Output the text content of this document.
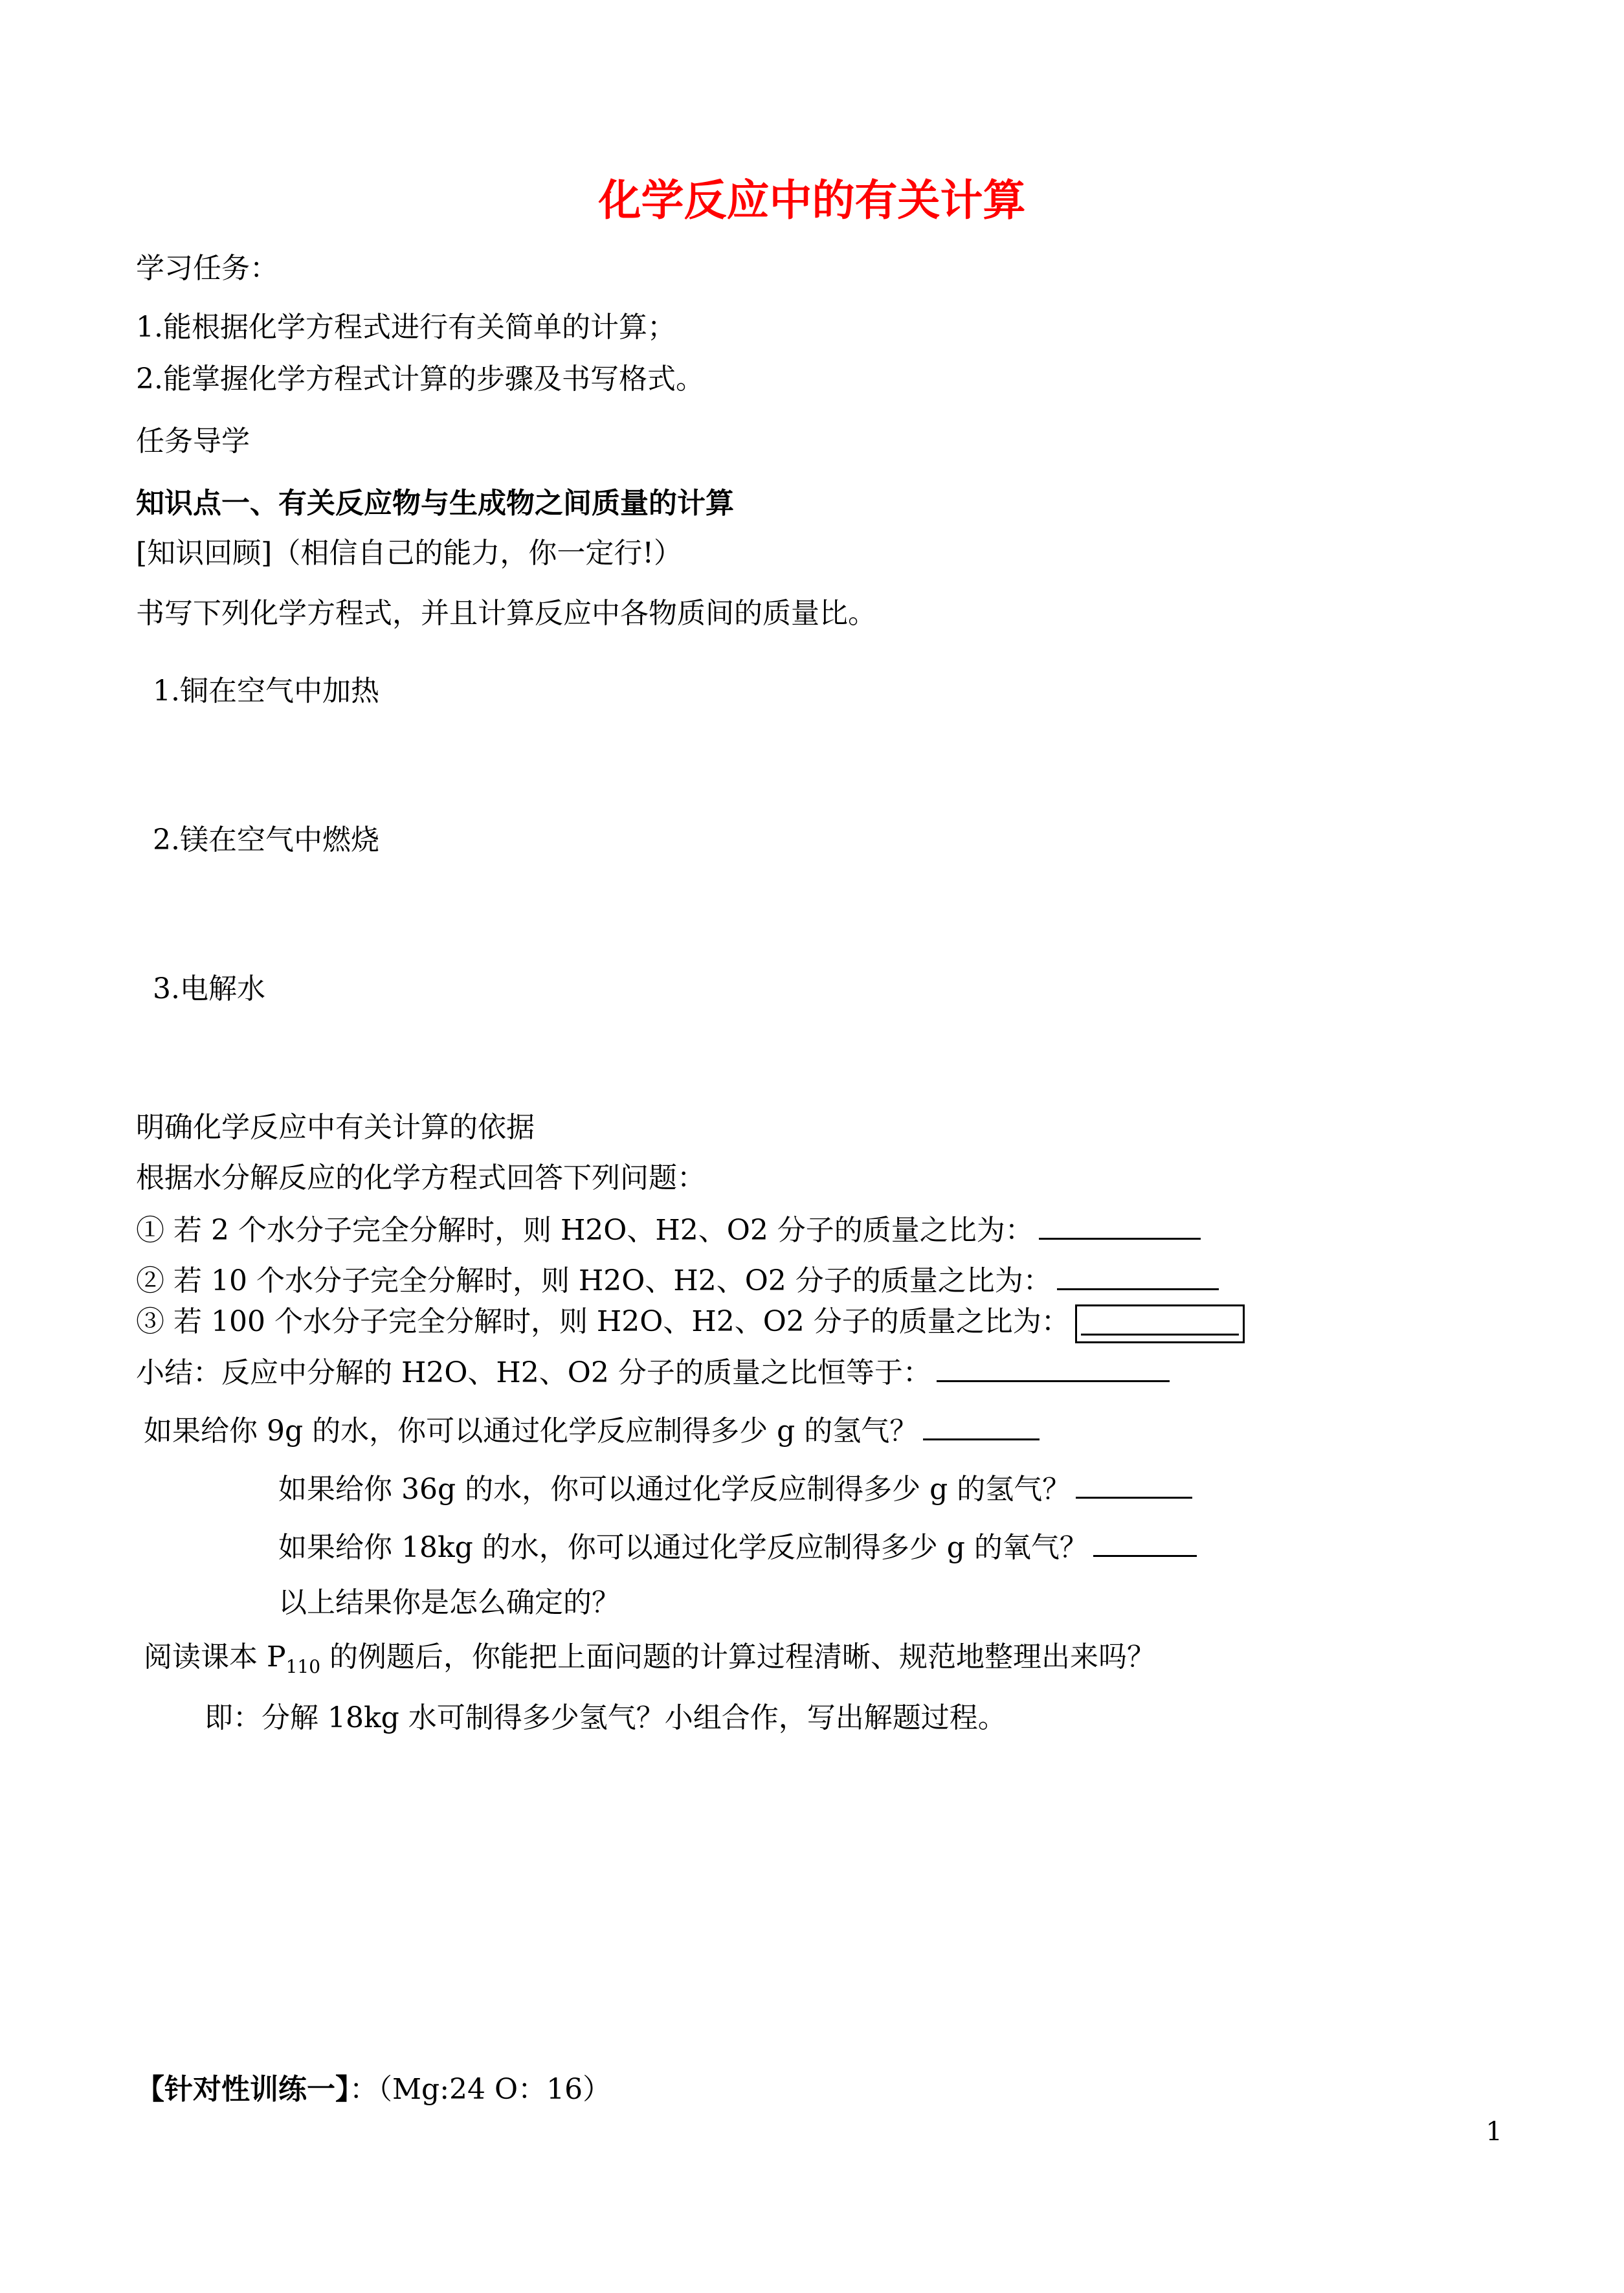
化学反应中的有关计算
学习任务：
1.能根据化学方程式进行有关简单的计算；
2.能掌握化学方程式计算的步骤及书写格式。
任务导学
知识点一、有关反应物与生成物之间质量的计算
[知识回顾]（相信自己的能力，你一定行!）
书写下列化学方程式，并且计算反应中各物质间的质量比。
1.铜在空气中加热
2.镁在空气中燃烧
3.电解水
明确化学反应中有关计算的依据
根据水分解反应的化学方程式回答下列问题：
① 若 2 个水分子完全分解时，则 H2O、H2、O2 分子的质量之比为：
② 若 10 个水分子完全分解时，则 H2O、H2、O2 分子的质量之比为：
③ 若 100 个水分子完全分解时，则 H2O、H2、O2 分子的质量之比为：
小结：反应中分解的 H2O、H2、O2 分子的质量之比恒等于：
如果给你 9g 的水，你可以通过化学反应制得多少 g 的氢气？
如果给你 36g 的水，你可以通过化学反应制得多少 g 的氢气？
如果给你 18kg 的水，你可以通过化学反应制得多少 g 的氧气？
以上结果你是怎么确定的？
阅读课本 $P_{110}$ 的例题后，你能把上面问题的计算过程清晰、规范地整理出来吗？
即：分解 18kg 水可制得多少氢气？小组合作，写出解题过程。
【针对性训练一】：（Mg:24 O：16）
1
